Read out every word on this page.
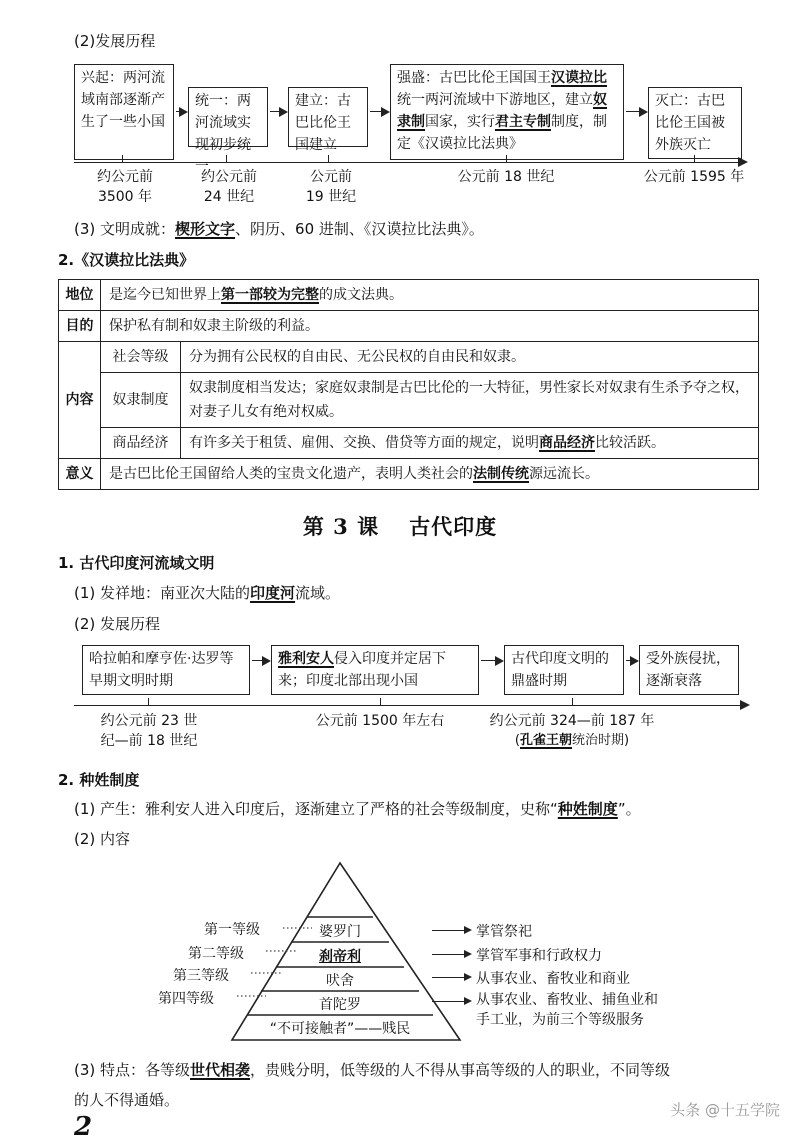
(2)发展历程
兴起：两河流域南部逐渐产生了一些小国
统一：两河流域实现初步统一
建立：古巴比伦王国建立
强盛：古巴比伦王国国王汉谟拉比统一两河流域中下游地区，建立奴隶制国家，实行君主专制制度，制定《汉谟拉比法典》
灭亡：古巴比伦王国被外族灭亡
约公元前
3500 年
约公元前
24 世纪
公元前
19 世纪
公元前 18 世纪	公元前 1595 年
(3) 文明成就：楔形文字、阴历、60 进制、《汉谟拉比法典》。
2.《汉谟拉比法典》
地位	是迄今已知世界上第一部较为完整的成文法典。	
目的	保护私有制和奴隶主阶级的利益。	
内容	社会等级	分为拥有公民权的自由民、无公民权的自由民和奴隶。
	奴隶制度	奴隶制度相当发达；家庭奴隶制是古巴比伦的一大特征，男性家长对奴隶有生杀予夺之权，对妻子儿女有绝对权威。
	商品经济	有许多关于租赁、雇佣、交换、借贷等方面的规定，说明商品经济比较活跃。
意义	是古巴比伦王国留给人类的宝贵文化遗产，表明人类社会的法制传统源远流长。	
第 3 课 古代印度
1. 古代印度河流域文明
(1) 发祥地：南亚次大陆的印度河流域。
(2) 发展历程
哈拉帕和摩亨佐·达罗等早期文明时期
雅利安人侵入印度并定居下来；印度北部出现小国
古代印度文明的鼎盛时期
受外族侵扰，逐渐衰落
约公元前 23 世
纪—前 18 世纪
公元前 1500 年左右	约公元前 324—前 187 年
(孔雀王朝统治时期)
2. 种姓制度
(1) 产生：雅利安人进入印度后，逐渐建立了严格的社会等级制度，史称“种姓制度”。
(2) 内容
第一等级
第二等级
第三等级
第四等级
婆罗门
刹帝利
吠舍
首陀罗
“不可接触者”——贱民
掌管祭祀
掌管军事和行政权力
从事农业、畜牧业和商业
从事农业、畜牧业、捕鱼业和
手工业，为前三个等级服务
(3) 特点：各等级世代相袭，贵贱分明，低等级的人不得从事高等级的人的职业，不同等级
的人不得通婚。
2
头条 @十五学院
